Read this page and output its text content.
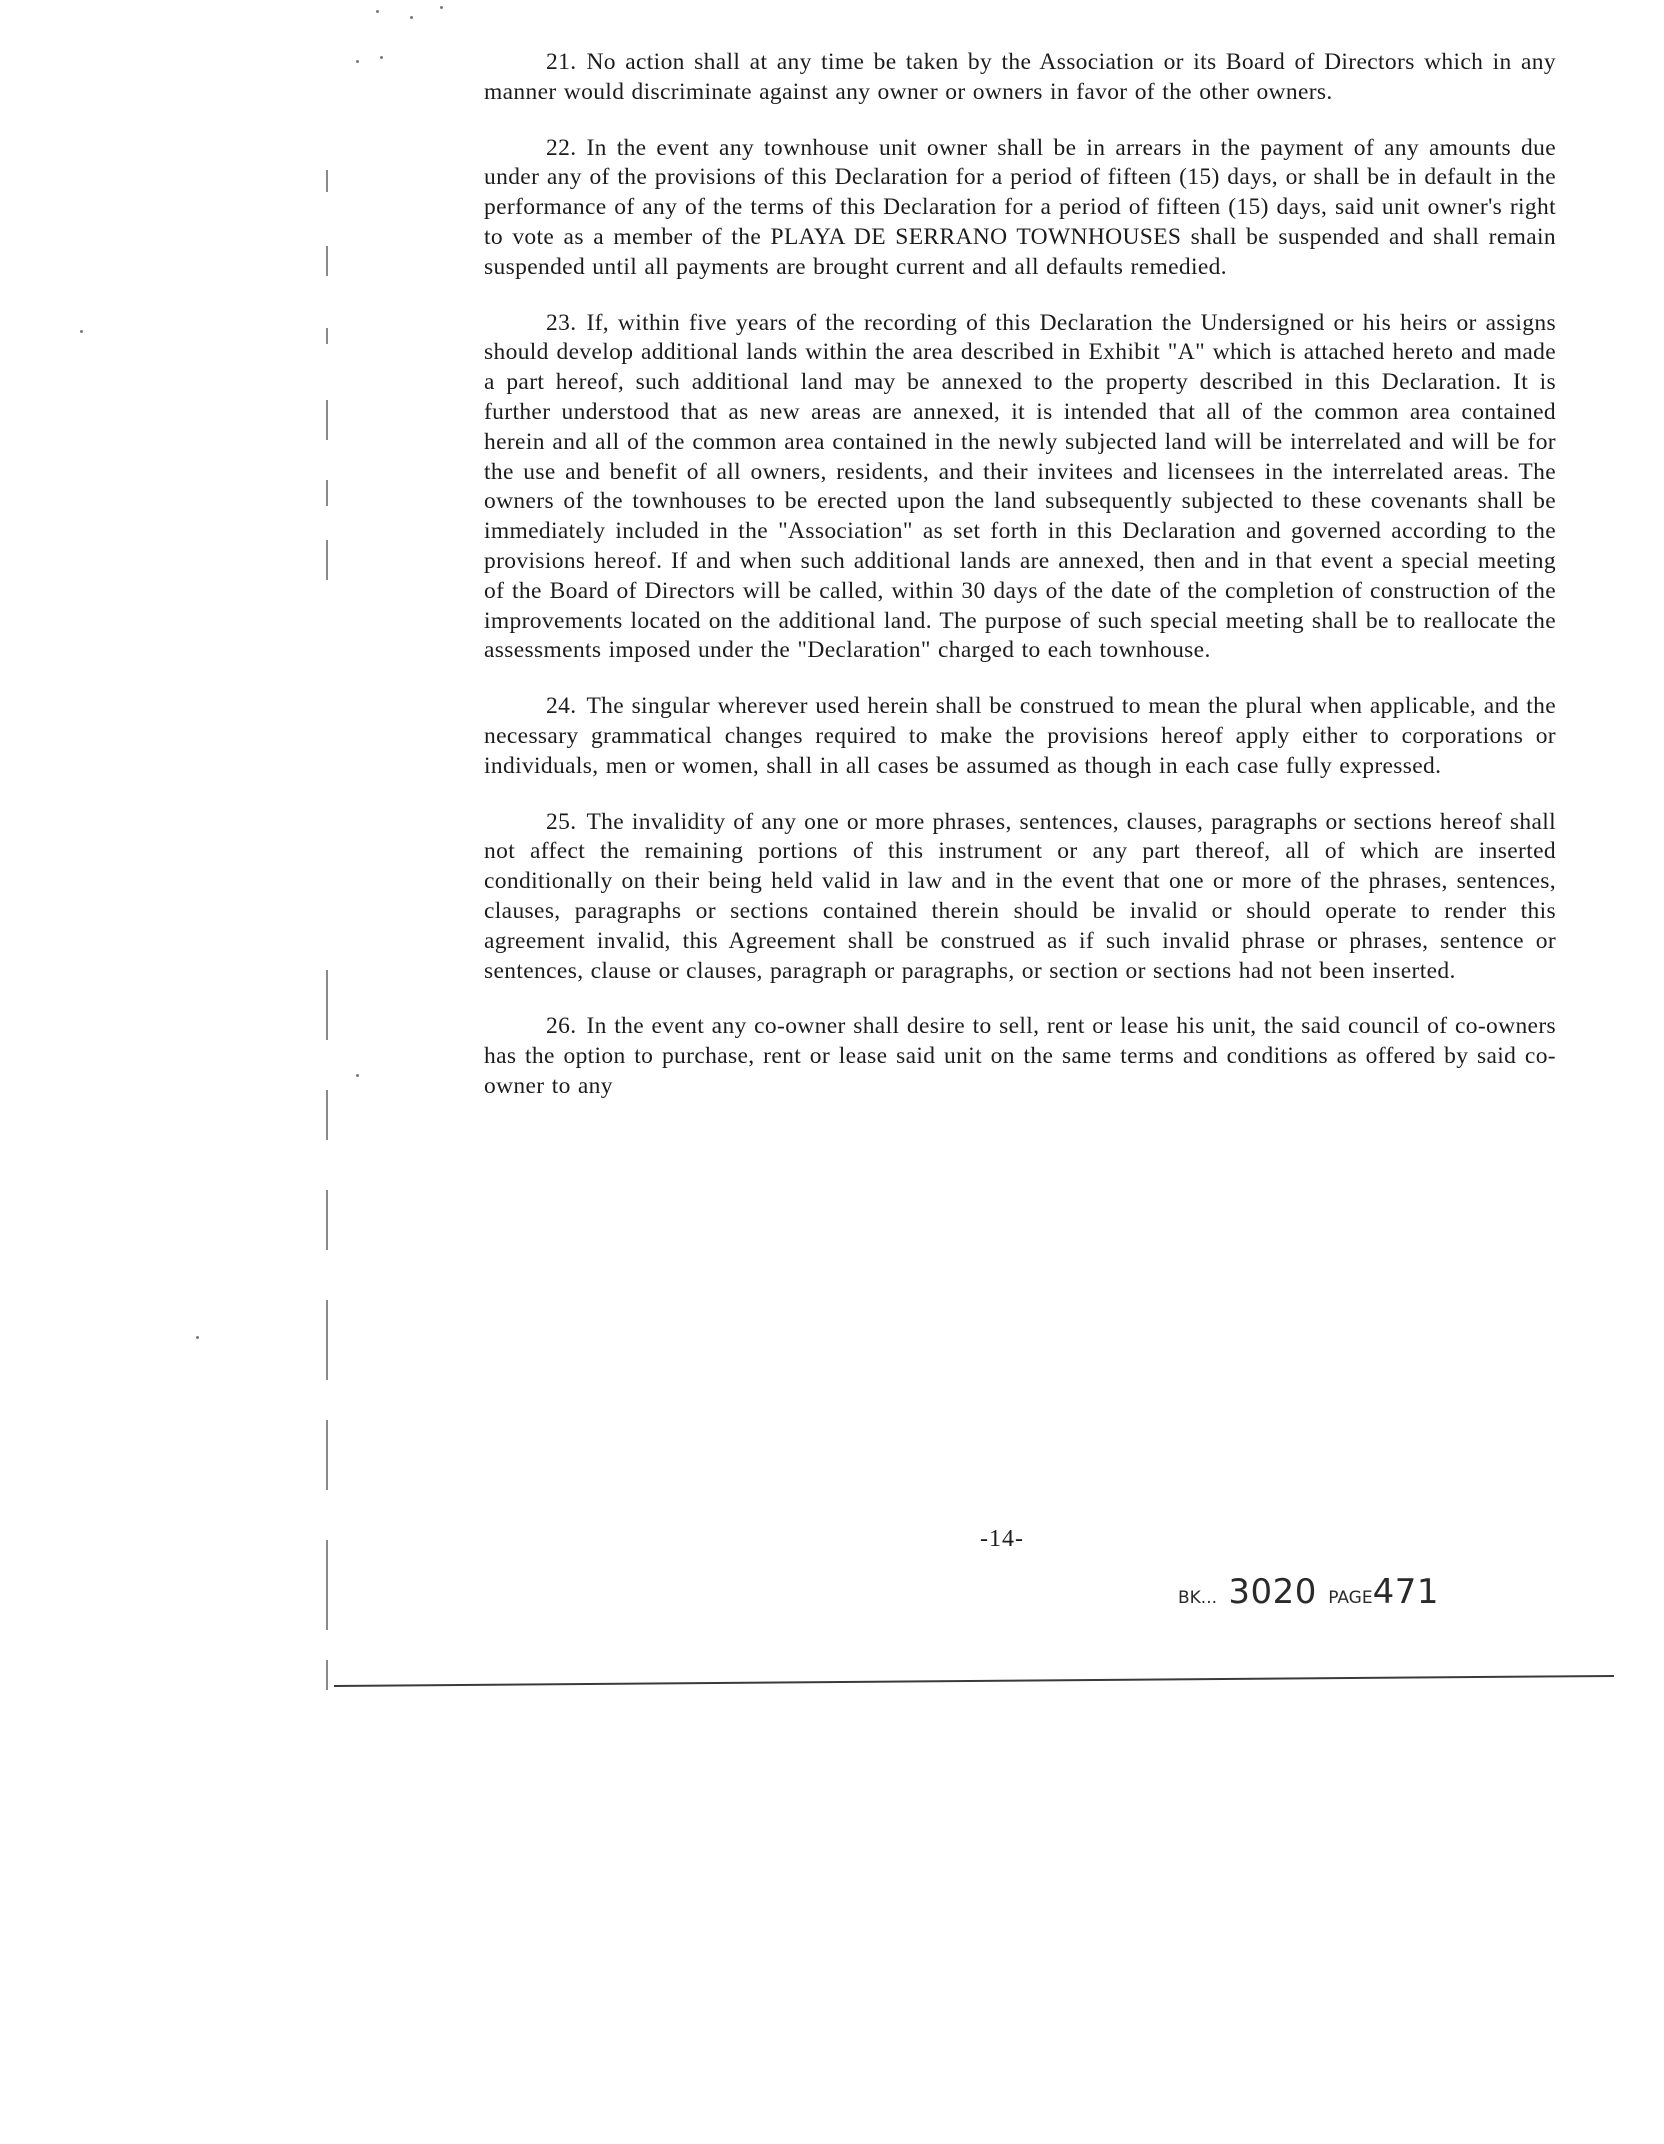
21. No action shall at any time be taken by the Association or its Board of Directors which in any manner would discriminate against any owner or owners in favor of the other owners.

22. In the event any townhouse unit owner shall be in arrears in the payment of any amounts due under any of the provisions of this Declaration for a period of fifteen (15) days, or shall be in default in the performance of any of the terms of this Declaration for a period of fifteen (15) days, said unit owner's right to vote as a member of the PLAYA DE SERRANO TOWNHOUSES shall be suspended and shall remain suspended until all payments are brought current and all defaults remedied.

23. If, within five years of the recording of this Declaration the Undersigned or his heirs or assigns should develop additional lands within the area described in Exhibit "A" which is attached hereto and made a part hereof, such additional land may be annexed to the property described in this Declaration. It is further understood that as new areas are annexed, it is intended that all of the common area contained herein and all of the common area contained in the newly subjected land will be interrelated and will be for the use and benefit of all owners, residents, and their invitees and licensees in the interrelated areas. The owners of the townhouses to be erected upon the land subsequently subjected to these covenants shall be immediately included in the "Association" as set forth in this Declaration and governed according to the provisions hereof. If and when such additional lands are annexed, then and in that event a special meeting of the Board of Directors will be called, within 30 days of the date of the completion of construction of the improvements located on the additional land. The purpose of such special meeting shall be to reallocate the assessments imposed under the "Declaration" charged to each townhouse.

24. The singular wherever used herein shall be construed to mean the plural when applicable, and the necessary grammatical changes required to make the provisions hereof apply either to corporations or individuals, men or women, shall in all cases be assumed as though in each case fully expressed.

25. The invalidity of any one or more phrases, sentences, clauses, paragraphs or sections hereof shall not affect the remaining portions of this instrument or any part thereof, all of which are inserted conditionally on their being held valid in law and in the event that one or more of the phrases, sentences, clauses, paragraphs or sections contained therein should be invalid or should operate to render this agreement invalid, this Agreement shall be construed as if such invalid phrase or phrases, sentence or sentences, clause or clauses, paragraph or paragraphs, or section or sections had not been inserted.

26. In the event any co-owner shall desire to sell, rent or lease his unit, the said council of co-owners has the option to purchase, rent or lease said unit on the same terms and conditions as offered by said co-owner to any

-14-
BK... 3020 PAGE471
